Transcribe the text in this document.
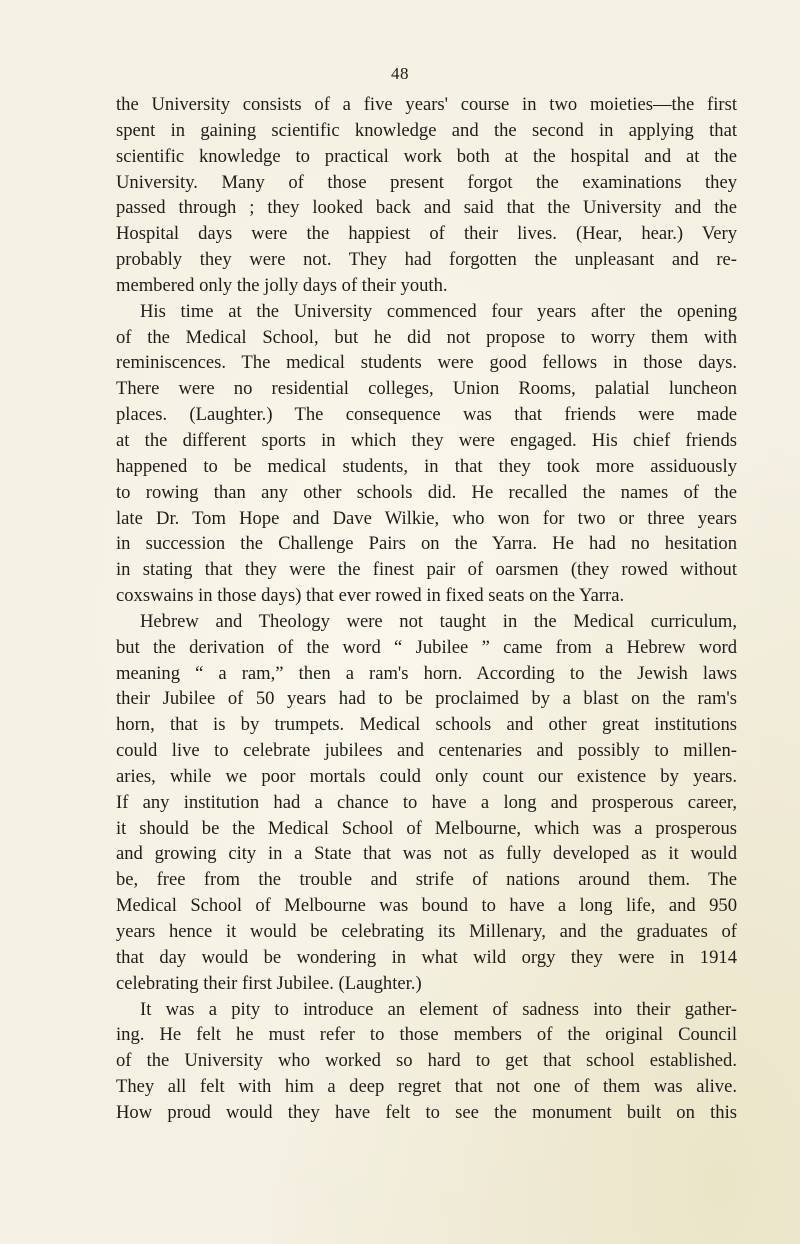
48
the University consists of a five years' course in two moieties—the first
spent in gaining scientific knowledge and the second in applying that
scientific knowledge to practical work both at the hospital and at the
University. Many of those present forgot the examinations they
passed through ; they looked back and said that the University and the
Hospital days were the happiest of their lives. (Hear, hear.) Very
probably they were not. They had forgotten the unpleasant and re-
membered only the jolly days of their youth.
His time at the University commenced four years after the opening
of the Medical School, but he did not propose to worry them with
reminiscences. The medical students were good fellows in those days.
There were no residential colleges, Union Rooms, palatial luncheon
places. (Laughter.) The consequence was that friends were made
at the different sports in which they were engaged. His chief friends
happened to be medical students, in that they took more assiduously
to rowing than any other schools did. He recalled the names of the
late Dr. Tom Hope and Dave Wilkie, who won for two or three years
in succession the Challenge Pairs on the Yarra. He had no hesitation
in stating that they were the finest pair of oarsmen (they rowed without
coxswains in those days) that ever rowed in fixed seats on the Yarra.
Hebrew and Theology were not taught in the Medical curriculum,
but the derivation of the word “ Jubilee ” came from a Hebrew word
meaning “ a ram,” then a ram's horn. According to the Jewish laws
their Jubilee of 50 years had to be proclaimed by a blast on the ram's
horn, that is by trumpets. Medical schools and other great institutions
could live to celebrate jubilees and centenaries and possibly to millen-
aries, while we poor mortals could only count our existence by years.
If any institution had a chance to have a long and prosperous career,
it should be the Medical School of Melbourne, which was a prosperous
and growing city in a State that was not as fully developed as it would
be, free from the trouble and strife of nations around them. The
Medical School of Melbourne was bound to have a long life, and 950
years hence it would be celebrating its Millenary, and the graduates of
that day would be wondering in what wild orgy they were in 1914
celebrating their first Jubilee. (Laughter.)
It was a pity to introduce an element of sadness into their gather-
ing. He felt he must refer to those members of the original Council
of the University who worked so hard to get that school established.
They all felt with him a deep regret that not one of them was alive.
How proud would they have felt to see the monument built on this
